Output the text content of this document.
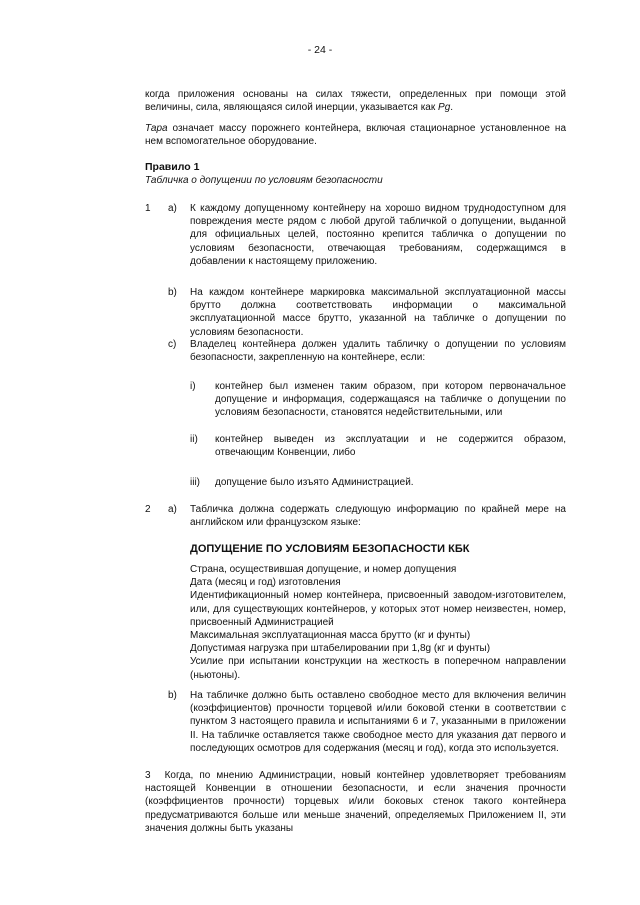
- 24 -
когда приложения основаны на силах тяжести, определенных при помощи этой величины, сила, являющаяся силой инерции, указывается как Pg.
Тара означает массу порожнего контейнера, включая стационарное установленное на нем вспомогательное оборудование.
Правило 1
Табличка о допущении по условиям безопасности
1 a) К каждому допущенному контейнеру на хорошо видном труднодоступном для повреждения месте рядом с любой другой табличкой о допущении, выданной для официальных целей, постоянно крепится табличка о допущении по условиям безопасности, отвечающая требованиям, содержащимся в добавлении к настоящему приложению.
b) На каждом контейнере маркировка максимальной эксплуатационной массы брутто должна соответствовать информации о максимальной эксплуатационной массе брутто, указанной на табличке о допущении по условиям безопасности.
c) Владелец контейнера должен удалить табличку о допущении по условиям безопасности, закрепленную на контейнере, если:
i) контейнер был изменен таким образом, при котором первоначальное допущение и информация, содержащаяся на табличке о допущении по условиям безопасности, становятся недействительными, или
ii) контейнер выведен из эксплуатации и не содержится образом, отвечающим Конвенции, либо
iii) допущение было изъято Администрацией.
2 a) Табличка должна содержать следующую информацию по крайней мере на английском или французском языке:
ДОПУЩЕНИЕ ПО УСЛОВИЯМ БЕЗОПАСНОСТИ КБК
Страна, осуществившая допущение, и номер допущения
Дата (месяц и год) изготовления
Идентификационный номер контейнера, присвоенный заводом-изготовителем, или, для существующих контейнеров, у которых этот номер неизвестен, номер, присвоенный Администрацией
Максимальная эксплуатационная масса брутто (кг и фунты)
Допустимая нагрузка при штабелировании при 1,8g (кг и фунты)
Усилие при испытании конструкции на жесткость в поперечном направлении (ньютоны).
b) На табличке должно быть оставлено свободное место для включения величин (коэффициентов) прочности торцевой и/или боковой стенки в соответствии с пунктом 3 настоящего правила и испытаниями 6 и 7, указанными в приложении II. На табличке оставляется также свободное место для указания дат первого и последующих осмотров для содержания (месяц и год), когда это используется.
3 Когда, по мнению Администрации, новый контейнер удовлетворяет требованиям настоящей Конвенции в отношении безопасности, и если значения прочности (коэффициентов прочности) торцевых и/или боковых стенок такого контейнера предусматриваются больше или меньше значений, определяемых Приложением II, эти значения должны быть указаны
